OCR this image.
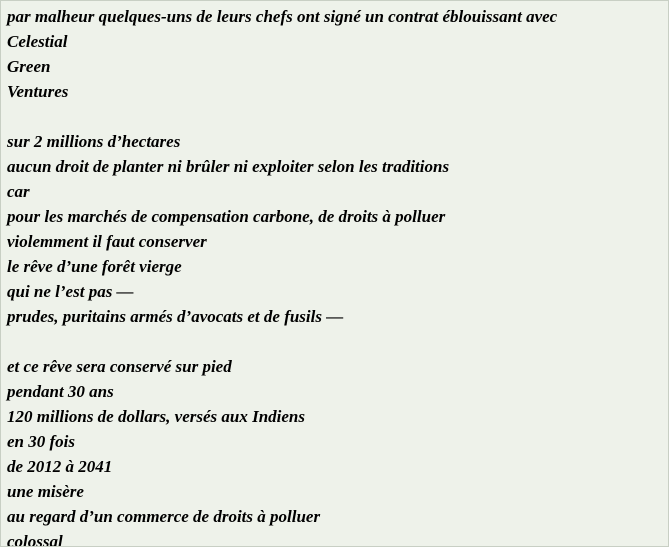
par malheur quelques-uns de leurs chefs ont signé un contrat éblouissant avec
Celestial
Green
Ventures
sur 2 millions d’hectares
aucun droit de planter ni brûler ni exploiter selon les traditions
car
pour les marchés de compensation carbone, de droits à polluer
violemment il faut conserver
le rêve d’une forêt vierge
qui ne l’est pas —
prudes, puritains armés d’avocats et de fusils —
et ce rêve sera conservé sur pied
pendant 30 ans
120 millions de dollars, versés aux Indiens
en 30 fois
de 2012 à 2041
une misère
au regard d’un commerce de droits à polluer
colossal
